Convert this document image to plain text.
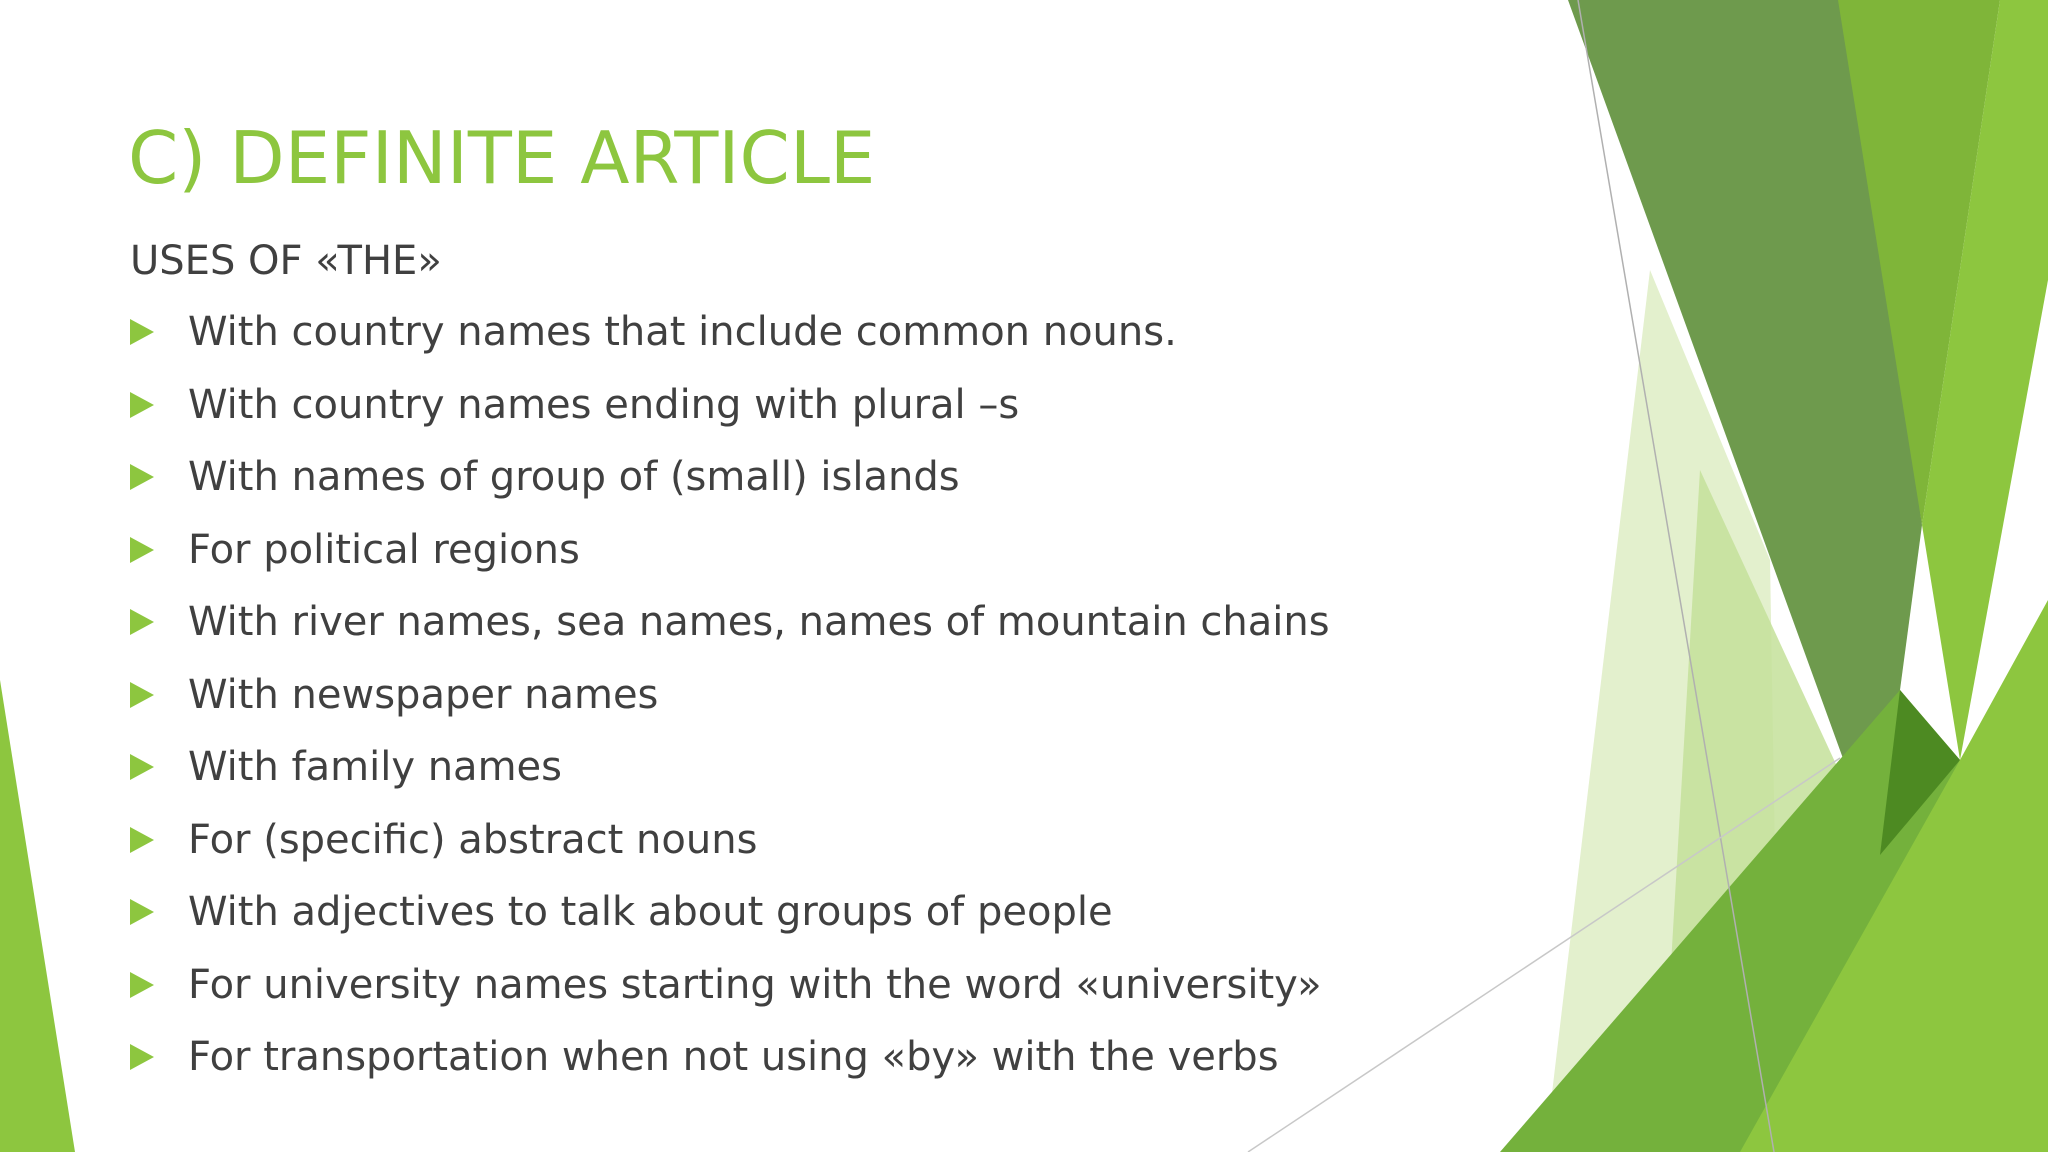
C) DEFINITE ARTICLE
USES OF «THE»
With country names that include common nouns.
With country names ending with plural –s
With names of group of (small) islands
For political regions
With river names, sea names, names of mountain chains
With newspaper names
With family names
For (specific) abstract nouns
With adjectives to talk about groups of people
For university names starting with the word «university»
For transportation when not using «by» with the verbs
